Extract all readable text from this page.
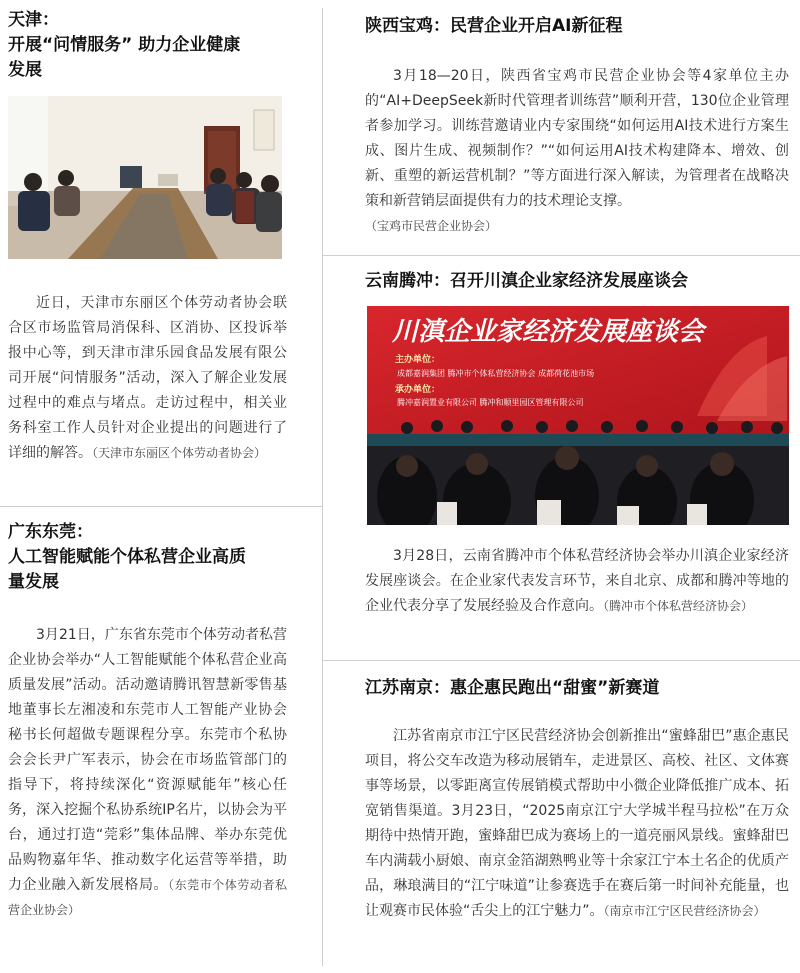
天津：
开展“问情服务” 助力企业健康
发展
近日，天津市东丽区个体劳动者协会联合区市场监管局消保科、区消协、区投诉举报中心等，到天津市津乐园食品发展有限公司开展“问情服务”活动，深入了解企业发展过程中的难点与堵点。走访过程中，相关业务科室工作人员针对企业提出的问题进行了详细的解答。（天津市东丽区个体劳动者协会）
广东东莞：
人工智能赋能个体私营企业高质
量发展
3月21日，广东省东莞市个体劳动者私营企业协会举办“人工智能赋能个体私营企业高质量发展”活动。活动邀请腾讯智慧新零售基地董事长左湘凌和东莞市人工智能产业协会秘书长何超做专题课程分享。东莞市个私协会会长尹广军表示，协会在市场监管部门的指导下，将持续深化“资源赋能年”核心任务，深入挖掘个私协系统IP名片，以协会为平台，通过打造“莞彩”集体品牌、举办东莞优品购物嘉年华、推动数字化运营等举措，助力企业融入新发展格局。（东莞市个体劳动者私营企业协会）
陕西宝鸡：民营企业开启AI新征程
3月18—20日，陕西省宝鸡市民营企业协会等4家单位主办的“AI+DeepSeek新时代管理者训练营”顺利开营，130位企业管理者参加学习。训练营邀请业内专家围绕“如何运用AI技术进行方案生成、图片生成、视频制作？”“如何运用AI技术构建降本、增效、创新、重塑的新运营机制？”等方面进行深入解读，为管理者在战略决策和新营销层面提供有力的技术理论支撑。
（宝鸡市民营企业协会）
云南腾冲：召开川滇企业家经济发展座谈会
川滇企业家经济发展座谈会
主办单位：
成都嘉润集团 腾冲市个体私营经济协会 成都荷花池市场
承办单位：
腾冲嘉润置业有限公司 腾冲和顺里园区管理有限公司
3月28日，云南省腾冲市个体私营经济协会举办川滇企业家经济发展座谈会。在企业家代表发言环节，来自北京、成都和腾冲等地的企业代表分享了发展经验及合作意向。（腾冲市个体私营经济协会）
江苏南京：惠企惠民跑出“甜蜜”新赛道
江苏省南京市江宁区民营经济协会创新推出“蜜蜂甜巴”惠企惠民项目，将公交车改造为移动展销车，走进景区、高校、社区、文体赛事等场景，以零距离宣传展销模式帮助中小微企业降低推广成本、拓宽销售渠道。3月23日，“2025南京江宁大学城半程马拉松”在万众期待中热情开跑，蜜蜂甜巴成为赛场上的一道亮丽风景线。蜜蜂甜巴车内满载小厨娘、南京金箔湖熟鸭业等十余家江宁本土名企的优质产品，琳琅满目的“江宁味道”让参赛选手在赛后第一时间补充能量，也让观赛市民体验“舌尖上的江宁魅力”。（南京市江宁区民营经济协会）
